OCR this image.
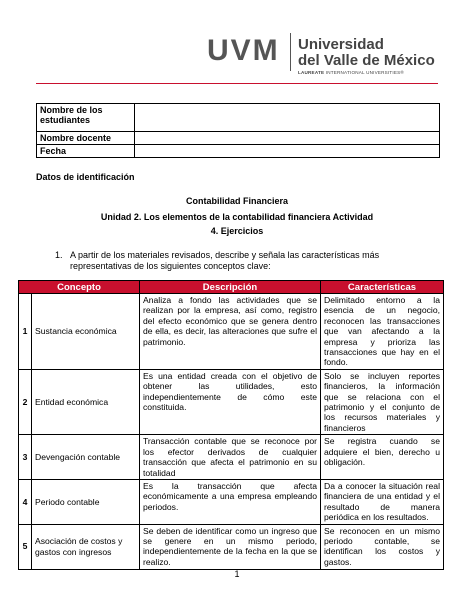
UVM Universidad
del Valle de México
LAUREATE INTERNATIONAL UNIVERSITIES®
Nombre de los estudiantes	
Nombre docente	
Fecha	
Datos de identificación
Contabilidad Financiera
Unidad 2. Los elementos de la contabilidad financiera Actividad
4. Ejercicios
1. A partir de los materiales revisados, describe y señala las características más representativas de los siguientes conceptos clave:
Concepto		Descripción	Características
1	Sustancia económica	Analiza a fondo las actividades que se realizan por la empresa, así como, registro del efecto económico que se genera dentro de ella, es decir, las alteraciones que sufre el patrimonio.	Delimitado entorno a la esencia de un negocio, reconocen las transacciones que van afectando a la empresa y prioriza las transacciones que hay en el fondo.
2	Entidad económica	Es una entidad creada con el objetivo de obtener las utilidades, esto independientemente de cómo este constituida.	Solo se incluyen reportes financieros, la información que se relaciona con el patrimonio y el conjunto de los recursos materiales y financieros
3	Devengación contable	Transacción contable que se reconoce por los efector derivados de cualquier transacción que afecta el patrimonio en su totalidad	Se registra cuando se adquiere el bien, derecho u obligación.
4	Periodo contable	Es la transacción que afecta económicamente a una empresa empleando periodos.	Da a conocer la situación real financiera de una entidad y el resultado de manera periódica en los resultados.
5	Asociación de costos y gastos con ingresos	Se deben de identificar como un ingreso que se genere en un mismo periodo, independientemente de la fecha en la que se realizo.	Se reconocen en un mismo periodo contable, se identifican los costos y gastos.
1
